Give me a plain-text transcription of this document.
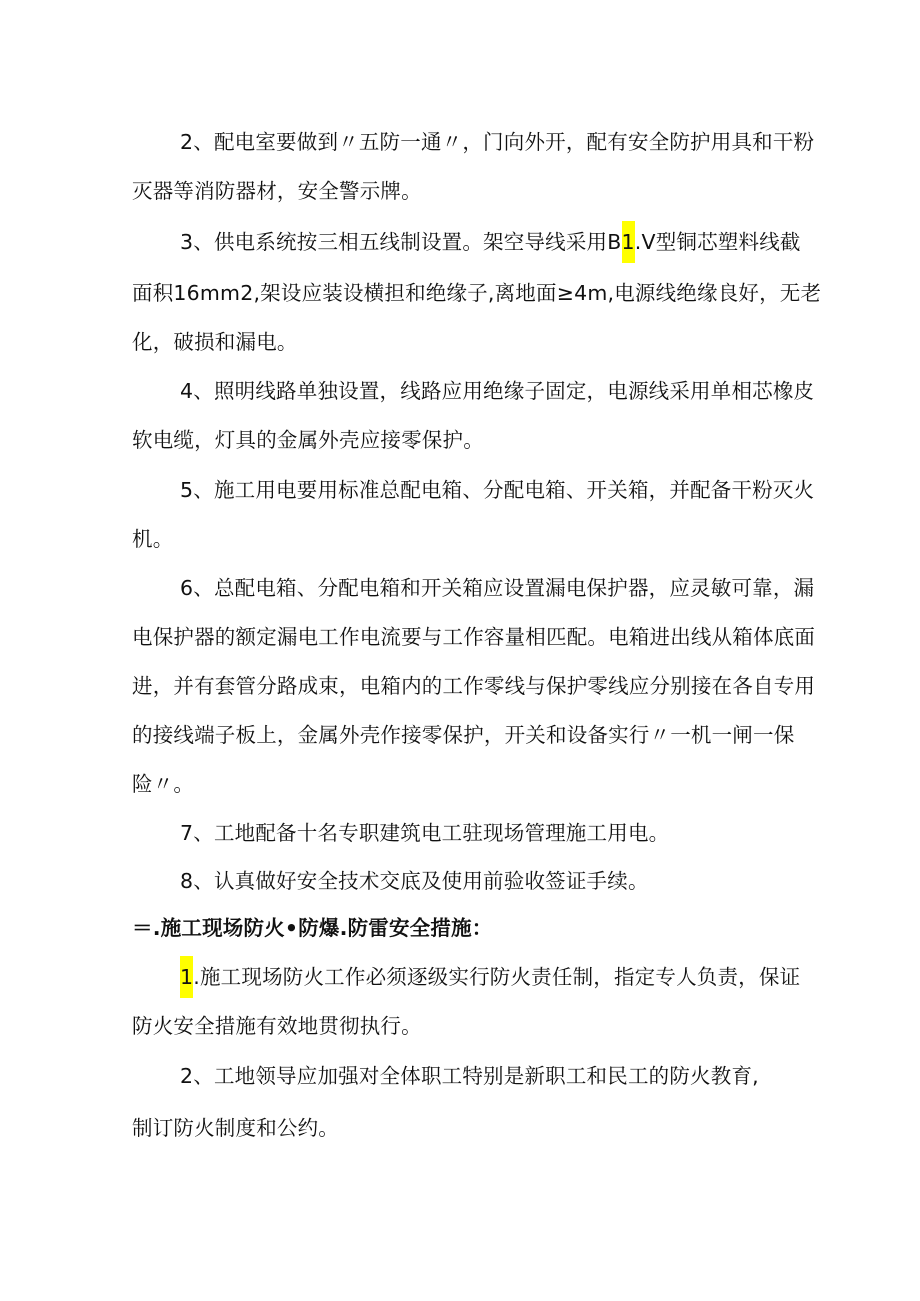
2、配电室要做到〃五防一通〃，门向外开，配有安全防护用具和干粉
灭器等消防器材，安全警示牌。
3、供电系统按三相五线制设置。架空导线采用B1.V型铜芯塑料线截
面积16mm2,架设应装设横担和绝缘子,离地面≥4m,电源线绝缘良好，无老
化，破损和漏电。
4、照明线路单独设置，线路应用绝缘子固定，电源线采用单相芯橡皮
软电缆，灯具的金属外壳应接零保护。
5、施工用电要用标准总配电箱、分配电箱、开关箱，并配备干粉灭火
机。
6、总配电箱、分配电箱和开关箱应设置漏电保护器，应灵敏可靠，漏
电保护器的额定漏电工作电流要与工作容量相匹配。电箱进出线从箱体底面
进，并有套管分路成束，电箱内的工作零线与保护零线应分别接在各自专用
的接线端子板上，金属外壳作接零保护，开关和设备实行〃一机一闸一保
险〃。
7、工地配备十名专职建筑电工驻现场管理施工用电。
8、认真做好安全技术交底及使用前验收签证手续。
＝.施工现场防火•防爆.防雷安全措施：
1.施工现场防火工作必须逐级实行防火责任制，指定专人负责，保证
防火安全措施有效地贯彻执行。
2、工地领导应加强对全体职工特别是新职工和民工的防火教育,
制订防火制度和公约。
